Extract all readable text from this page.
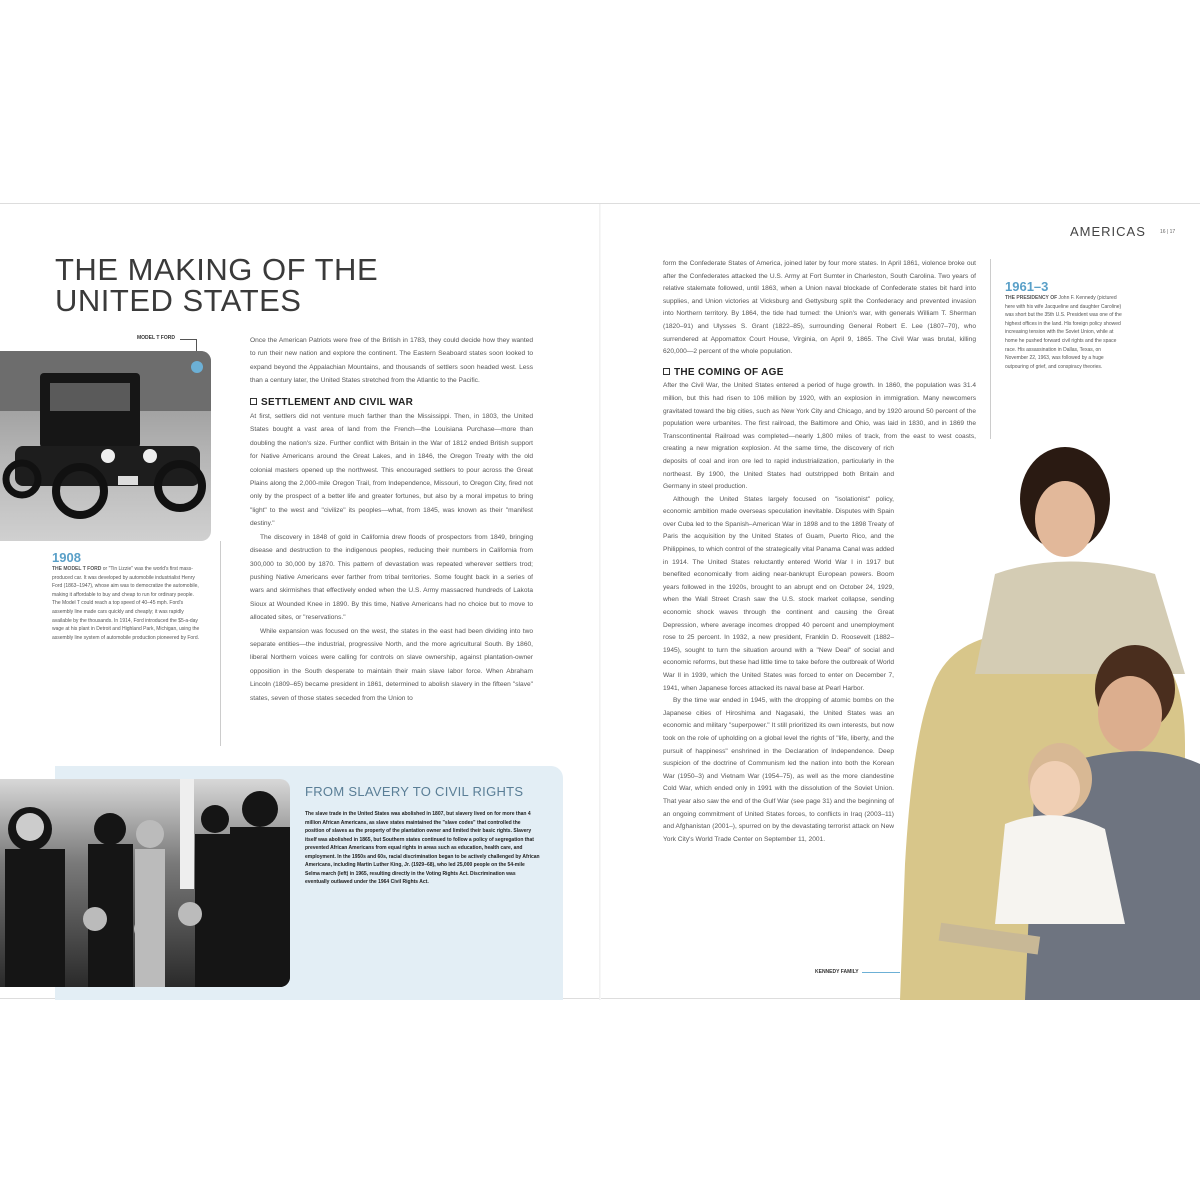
AMERICAS	16 | 17
THE MAKING OF THE
UNITED STATES
MODEL T FORD
1908
THE MODEL T FORD or "Tin Lizzie" was the world's first mass-produced car. It was developed by automobile industrialist Henry Ford (1863–1947), whose aim was to democratize the automobile, making it affordable to buy and cheap to run for ordinary people. The Model T could reach a top speed of 40–45 mph. Ford's assembly line made cars quickly and cheaply; it was rapidly available by the thousands. In 1914, Ford introduced the $5-a-day wage at his plant in Detroit and Highland Park, Michigan, using the assembly line system of automobile production pioneered by Ford.

Once the American Patriots were free of the British in 1783, they could decide how they wanted to run their new nation and explore the continent. The Eastern Seaboard states soon looked to expand beyond the Appalachian Mountains, and thousands of settlers soon headed west. Less than a century later, the United States stretched from the Atlantic to the Pacific.

SETTLEMENT AND CIVIL WAR

At first, settlers did not venture much farther than the Mississippi. Then, in 1803, the United States bought a vast area of land from the French—the Louisiana Purchase—more than doubling the nation's size. Further conflict with Britain in the War of 1812 ended British support for Native Americans around the Great Lakes, and in 1846, the Oregon Treaty with the old colonial masters opened up the northwest. This encouraged settlers to pour across the Great Plains along the 2,000-mile Oregon Trail, from Independence, Missouri, to Oregon City, fired not only by the prospect of a better life and greater fortunes, but also by a moral impetus to bring "light" to the west and "civilize" its peoples—what, from 1845, was known as their "manifest destiny."

The discovery in 1848 of gold in California drew floods of prospectors from 1849, bringing disease and destruction to the indigenous peoples, reducing their numbers in California from 300,000 to 30,000 by 1870. This pattern of devastation was repeated wherever settlers trod; pushing Native Americans ever farther from tribal territories. Some fought back in a series of wars and skirmishes that effectively ended when the U.S. Army massacred hundreds of Lakota Sioux at Wounded Knee in 1890. By this time, Native Americans had no choice but to move to allocated sites, or "reservations."

While expansion was focused on the west, the states in the east had been dividing into two separate entities—the industrial, progressive North, and the more agricultural South. By 1860, liberal Northern voices were calling for controls on slave ownership, against plantation-owner opposition in the South desperate to maintain their main slave labor force. When Abraham Lincoln (1809–65) became president in 1861, determined to abolish slavery in the fifteen "slave" states, seven of those states seceded from the Union to

FROM SLAVERY TO CIVIL RIGHTS
The slave trade in the United States was abolished in 1807, but slavery lived on for more than 4 million African Americans, as slave states maintained the "slave codes" that controlled the position of slaves as the property of the plantation owner and limited their basic rights. Slavery itself was abolished in 1865, but Southern states continued to follow a policy of segregation that prevented African Americans from equal rights in areas such as education, health care, and employment. In the 1950s and 60s, racial discrimination began to be actively challenged by African Americans, including Martin Luther King, Jr. (1929–68), who led 25,000 people on the 54-mile Selma march (left) in 1965, resulting directly in the Voting Rights Act. Discrimination was eventually outlawed under the 1964 Civil Rights Act.

form the Confederate States of America, joined later by four more states. In April 1861, violence broke out after the Confederates attacked the U.S. Army at Fort Sumter in Charleston, South Carolina. Two years of relative stalemate followed, until 1863, when a Union naval blockade of Confederate states bit hard into supplies, and Union victories at Vicksburg and Gettysburg split the Confederacy and prevented invasion into Northern territory. By 1864, the tide had turned: the Union's war, with generals William T. Sherman (1820–91) and Ulysses S. Grant (1822–85), surrounding General Robert E. Lee (1807–70), who surrendered at Appomattox Court House, Virginia, on April 9, 1865. The Civil War was brutal, killing 620,000—2 percent of the whole population.

THE COMING OF AGE

After the Civil War, the United States entered a period of huge growth. In 1860, the population was 31.4 million, but this had risen to 106 million by 1920, with an explosion in immigration. Many newcomers gravitated toward the big cities, such as New York City and Chicago, and by 1920 around 50 percent of the population were urbanites. The first railroad, the Baltimore and Ohio, was laid in 1830, and in 1869 the Transcontinental Railroad was completed—nearly 1,800 miles of track, from the east to west coasts, creating a new migration explosion. At the same time, the discovery of rich deposits of coal and iron ore led to rapid industrialization, particularly in the northeast. By 1900, the United States had outstripped both Britain and Germany in steel production.

Although the United States largely focused on "isolationist" policy, economic ambition made overseas speculation inevitable. Disputes with Spain over Cuba led to the Spanish–American War in 1898 and to the 1898 Treaty of Paris the acquisition by the United States of Guam, Puerto Rico, and the Philippines, to which control of the strategically vital Panama Canal was added in 1914. The United States reluctantly entered World War I in 1917 but benefited economically from aiding near-bankrupt European powers. Boom years followed in the 1920s, brought to an abrupt end on October 24, 1929, when the Wall Street Crash saw the U.S. stock market collapse, sending economic shock waves through the continent and causing the Great Depression, where average incomes dropped 40 percent and unemployment rose to 25 percent. In 1932, a new president, Franklin D. Roosevelt (1882–1945), sought to turn the situation around with a "New Deal" of social and economic reforms, but these had little time to take before the outbreak of World War II in 1939, which the United States was forced to enter on December 7, 1941, when Japanese forces attacked its naval base at Pearl Harbor.

By the time war ended in 1945, with the dropping of atomic bombs on the Japanese cities of Hiroshima and Nagasaki, the United States was an economic and military "superpower." It still prioritized its own interests, but now took on the role of upholding on a global level the rights of "life, liberty, and the pursuit of happiness" enshrined in the Declaration of Independence. Deep suspicion of the doctrine of Communism led the nation into both the Korean War (1950–3) and Vietnam War (1954–75), as well as the more clandestine Cold War, which ended only in 1991 with the dissolution of the Soviet Union. That year also saw the end of the Gulf War (see page 31) and the beginning of an ongoing commitment of United States forces, to conflicts in Iraq (2003–11) and Afghanistan (2001–), spurred on by the devastating terrorist attack on New York City's World Trade Center on September 11, 2001.

1961–3
THE PRESIDENCY OF John F. Kennedy (pictured here with his wife Jacqueline and daughter Caroline) was short but the 35th U.S. President was one of the highest offices in the land. His foreign policy showed increasing tension with the Soviet Union, while at home he pushed forward civil rights and the space race. His assassination in Dallas, Texas, on November 22, 1963, was followed by a huge outpouring of grief, and conspiracy theories.
KENNEDY FAMILY
